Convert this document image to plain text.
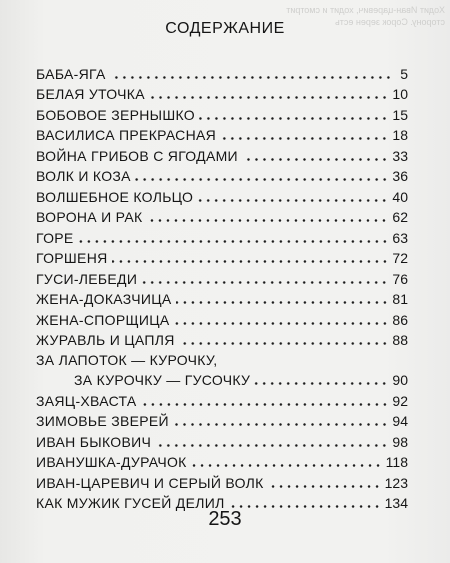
Ходит Иван-царевич, ходит и смотрит
сторону. Сорок зерен есть
СОДЕРЖАНИЕ
БАБА-ЯГА	5
БЕЛАЯ УТОЧКА	10
БОБОВОЕ ЗЕРНЫШКО	15
ВАСИЛИСА ПРЕКРАСНАЯ	18
ВОЙНА ГРИБОВ С ЯГОДАМИ	33
ВОЛК И КОЗА	36
ВОЛШЕБНОЕ КОЛЬЦО	40
ВОРОНА И РАК	62
ГОРЕ	63
ГОРШЕНЯ	72
ГУСИ-ЛЕБЕДИ	76
ЖЕНА-ДОКАЗЧИЦА	81
ЖЕНА-СПОРЩИЦА	86
ЖУРАВЛЬ И ЦАПЛЯ	88
ЗА ЛАПОТОК — КУРОЧКУ,
ЗА КУРОЧКУ — ГУСОЧКУ	90
ЗАЯЦ-ХВАСТА	92
ЗИМОВЬЕ ЗВЕРЕЙ	94
ИВАН БЫКОВИЧ	98
ИВАНУШКА-ДУРАЧОК	118
ИВАН-ЦАРЕВИЧ И СЕРЫЙ ВОЛК	123
КАК МУЖИК ГУСЕЙ ДЕЛИЛ	134
253
